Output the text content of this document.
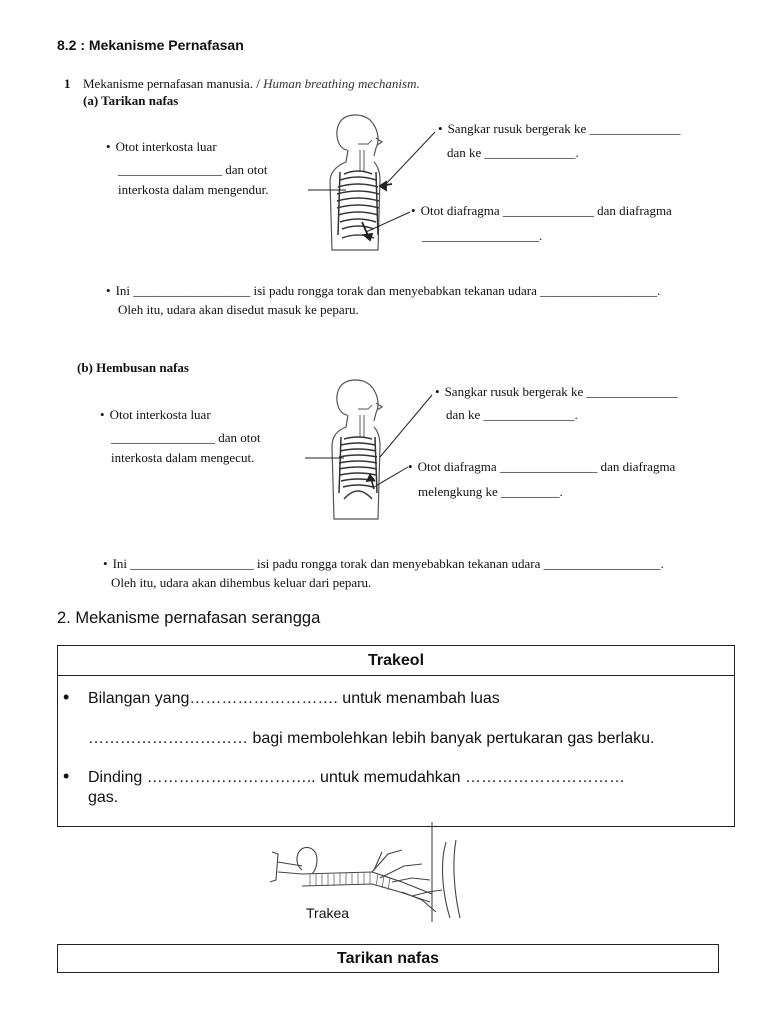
8.2 : Mekanisme Pernafasan
1 Mekanisme pernafasan manusia. / Human breathing mechanism.
(a) Tarikan nafas
• Otot interkosta luar
________________ dan otot
interkosta dalam mengendur.
• Sangkar rusuk bergerak ke ______________
dan ke ______________.
• Otot diafragma ______________ dan diafragma
__________________.
• Ini __________________ isi padu rongga torak dan menyebabkan tekanan udara __________________.
Oleh itu, udara akan disedut masuk ke peparu.
(b) Hembusan nafas
• Otot interkosta luar
________________ dan otot
interkosta dalam mengecut.
• Sangkar rusuk bergerak ke ______________
dan ke ______________.
• Otot diafragma _______________ dan diafragma
melengkung ke _________.
• Ini ___________________ isi padu rongga torak dan menyebabkan tekanan udara __________________.
Oleh itu, udara akan dihembus keluar dari peparu.
2. Mekanisme pernafasan serangga
Trakeol
• Bilangan yang………………………. untuk menambah luas
………………………… bagi membolehkan lebih banyak pertukaran gas berlaku.
• Dinding ………………………….. untuk memudahkan …………………………
gas.
Trakea
Tarikan nafas
